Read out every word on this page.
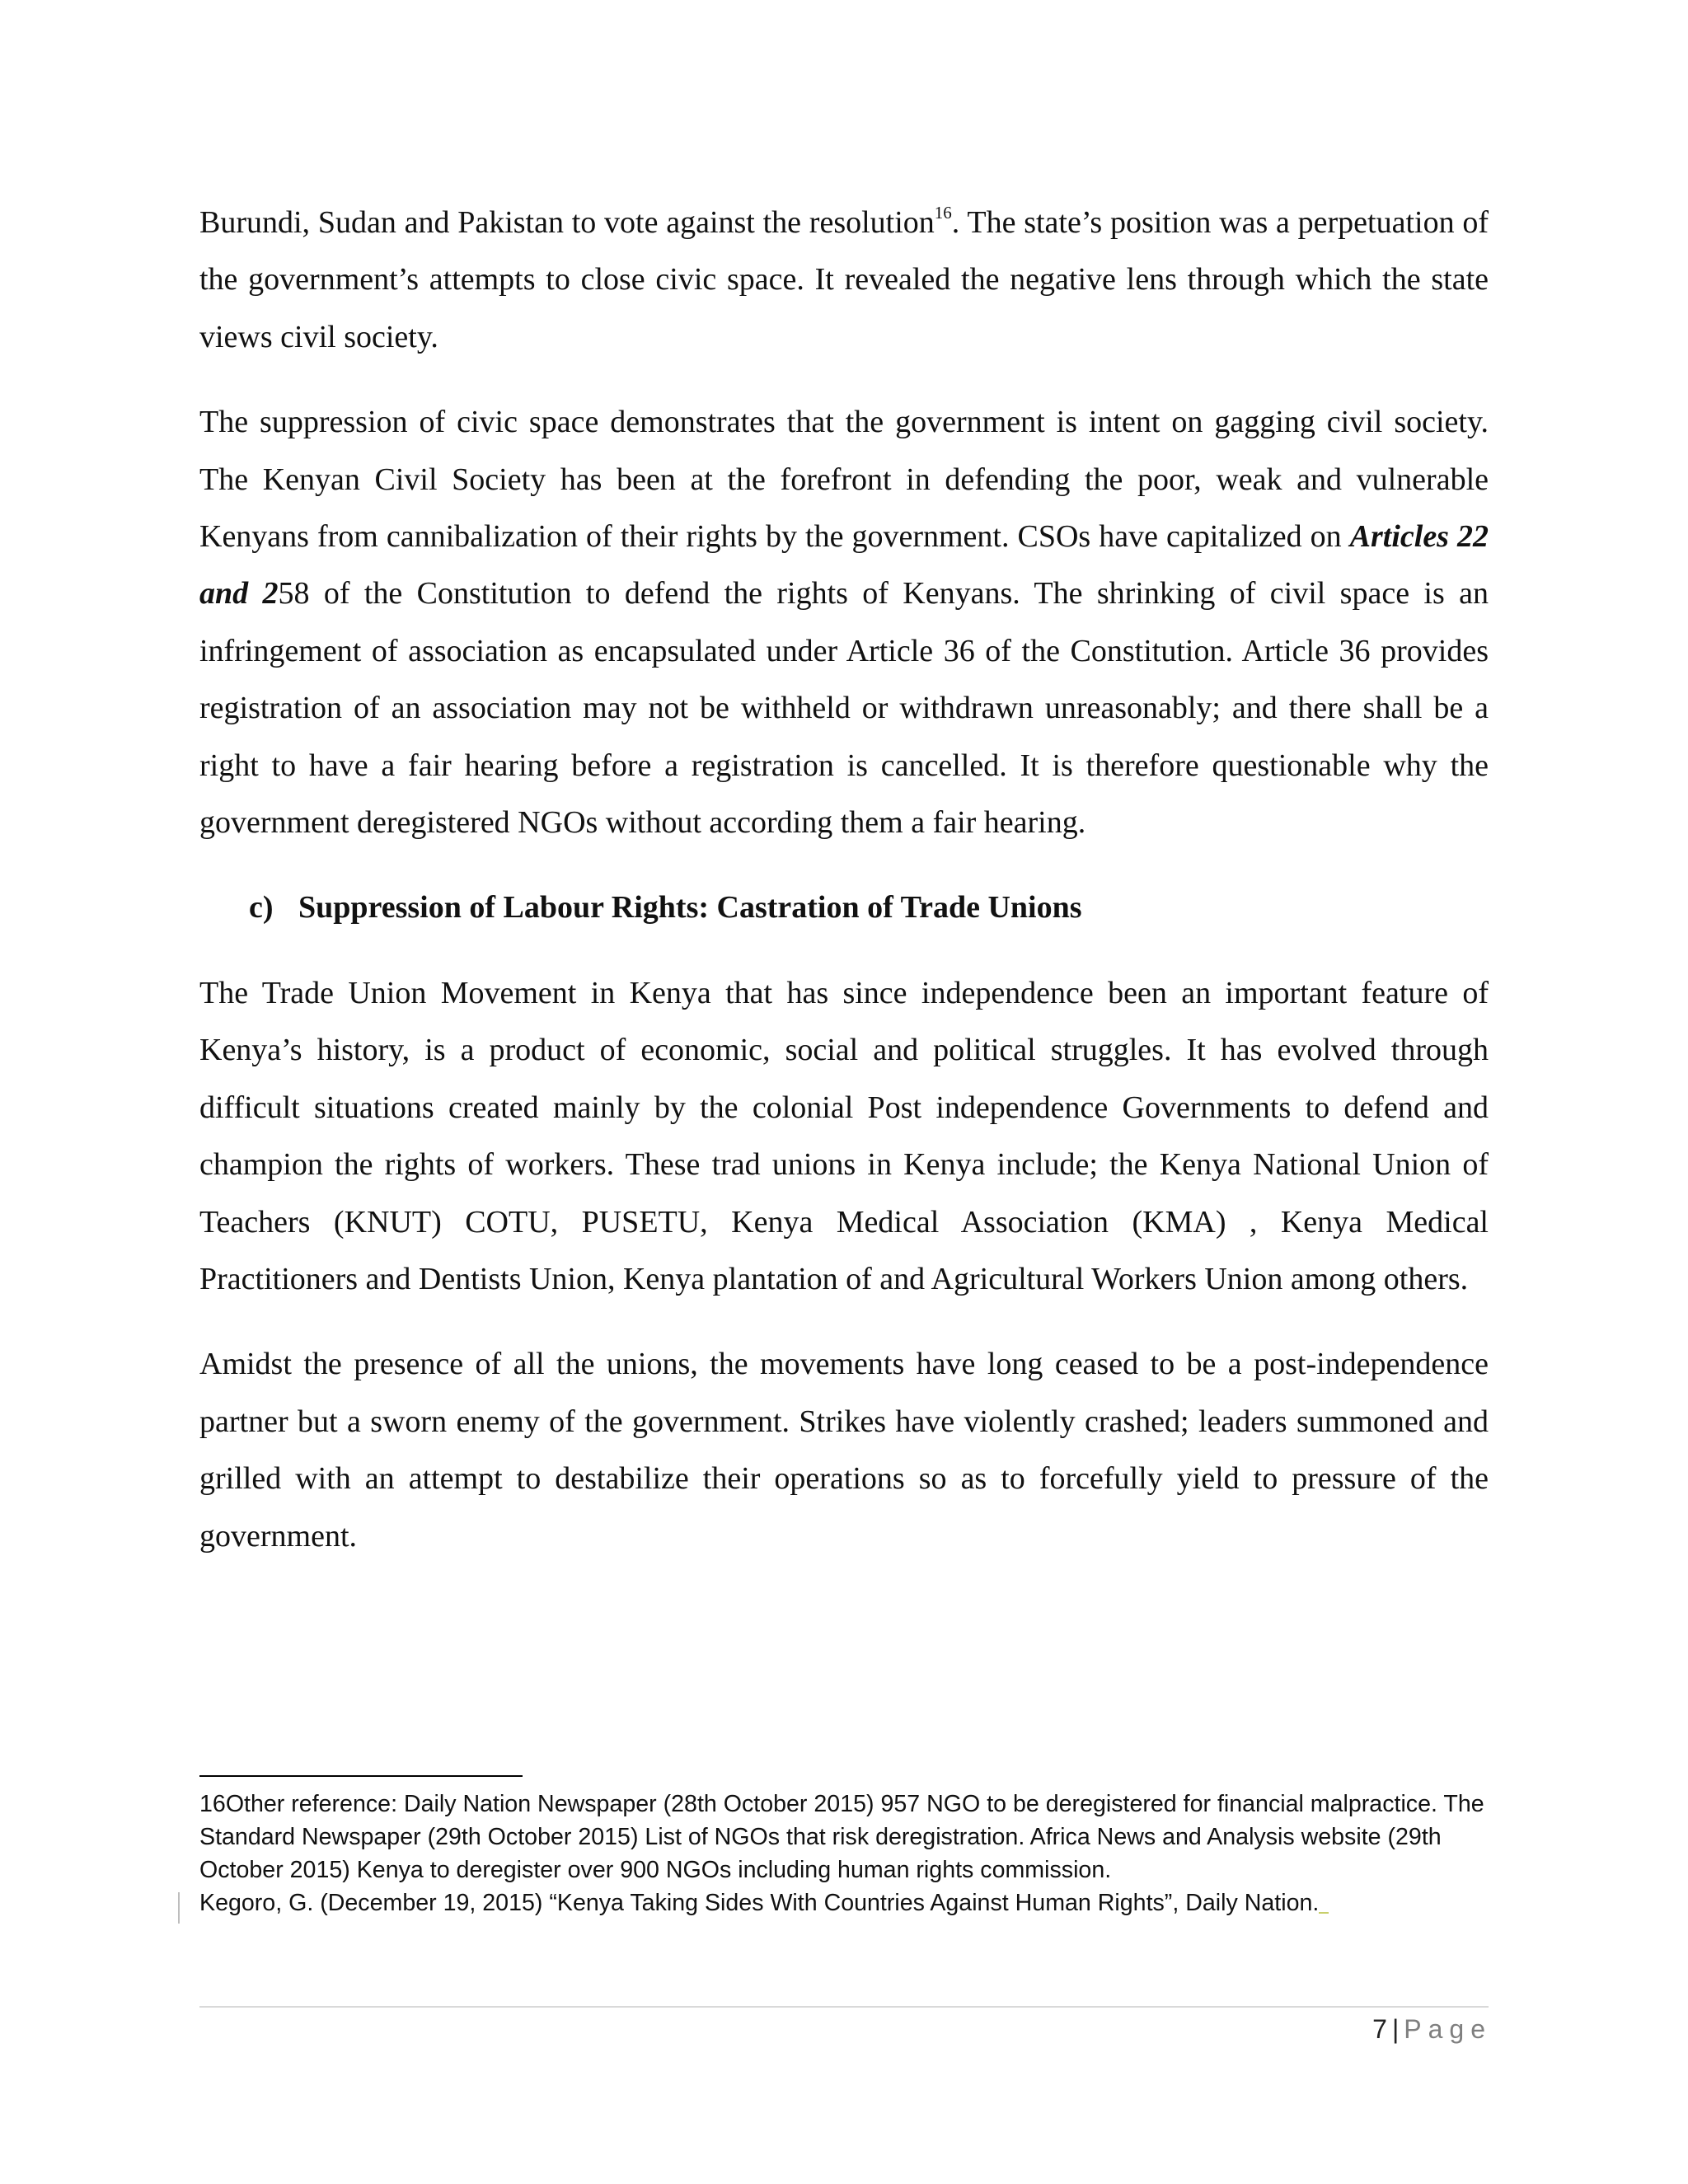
Burundi, Sudan and Pakistan to vote against the resolution$^{16}$. The state’s position was a perpetuation of the government’s attempts to close civic space. It revealed the negative lens through which the state views civil society.

The suppression of civic space demonstrates that the government is intent on gagging civil society. The Kenyan Civil Society has been at the forefront in defending the poor, weak and vulnerable Kenyans from cannibalization of their rights by the government. CSOs have capitalized on Articles 22 and 258 of the Constitution to defend the rights of Kenyans. The shrinking of civil space is an infringement of association as encapsulated under Article 36 of the Constitution. Article 36 provides registration of an association may not be withheld or withdrawn unreasonably; and there shall be a right to have a fair hearing before a registration is cancelled. It is therefore questionable why the government deregistered NGOs without according them a fair hearing.

c) Suppression of Labour Rights: Castration of Trade Unions

The Trade Union Movement in Kenya that has since independence been an important feature of Kenya’s history, is a product of economic, social and political struggles. It has evolved through difficult situations created mainly by the colonial Post independence Governments to defend and champion the rights of workers. These trad unions in Kenya include; the Kenya National Union of Teachers (KNUT) COTU, PUSETU, Kenya Medical Association (KMA) , Kenya Medical Practitioners and Dentists Union, Kenya plantation of and Agricultural Workers Union among others.

Amidst the presence of all the unions, the movements have long ceased to be a post-independence partner but a sworn enemy of the government. Strikes have violently crashed; leaders summoned and grilled with an attempt to destabilize their operations so as to forcefully yield to pressure of the government.

16Other reference: Daily Nation Newspaper (28th October 2015) 957 NGO to be deregistered for financial malpractice. The Standard Newspaper (29th October 2015) List of NGOs that risk deregistration. Africa News and Analysis website (29th October 2015) Kenya to deregister over 900 NGOs including human rights commission.
Kegoro, G. (December 19, 2015) “Kenya Taking Sides With Countries Against Human Rights”, Daily Nation.

7 | Page
